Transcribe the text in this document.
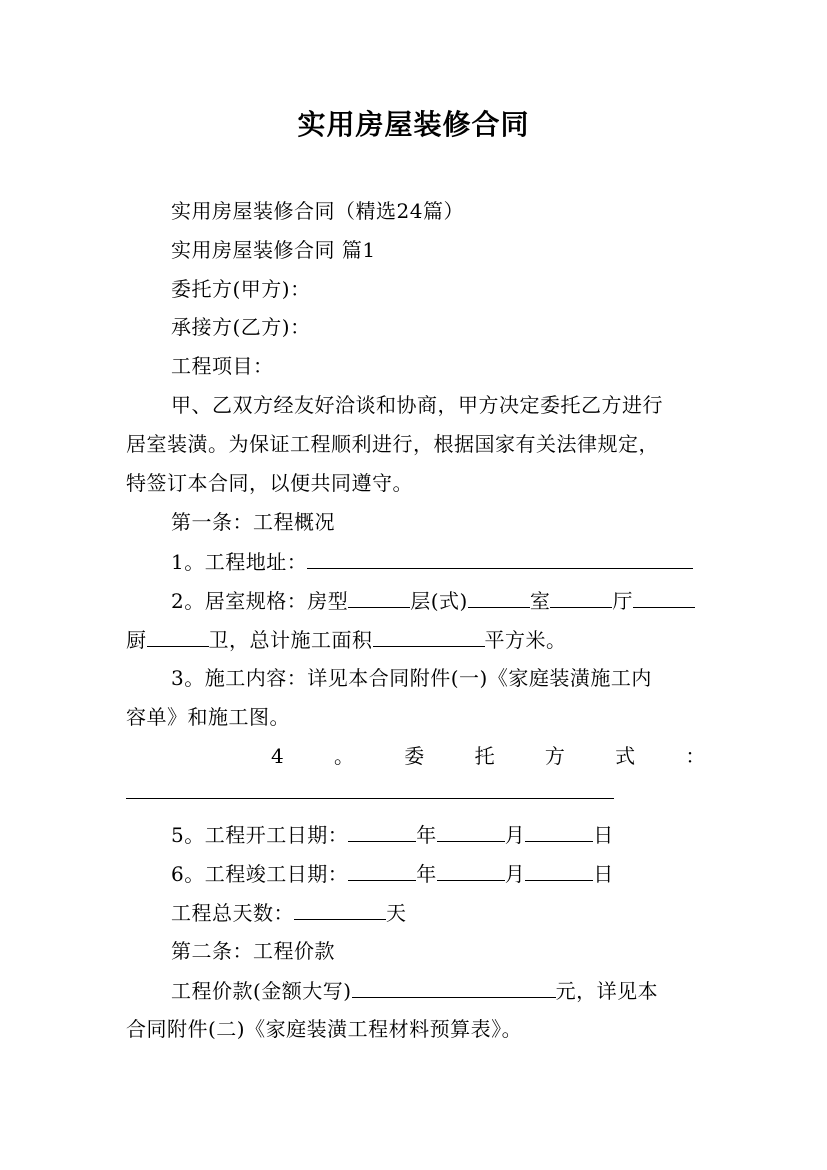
实用房屋装修合同
实用房屋装修合同（精选24篇）
实用房屋装修合同 篇1
委托方(甲方)：
承接方(乙方)：
工程项目：
甲、乙双方经友好洽谈和协商，甲方决定委托乙方进行
居室装潢。为保证工程顺利进行，根据国家有关法律规定，
特签订本合同，以便共同遵守。
第一条：工程概况
1。工程地址：
2。居室规格：房型	层(式)	室	厅
厨	卫，总计施工面积	平方米。
3。施工内容：详见本合同附件(一)《家庭装潢施工内
容单》和施工图。
4 。 委 托 方 式 ：
5。工程开工日期：	年	月	日
6。工程竣工日期：	年	月	日
工程总天数：	天
第二条：工程价款
工程价款(金额大写)	元，详见本
合同附件(二)《家庭装潢工程材料预算表》。
